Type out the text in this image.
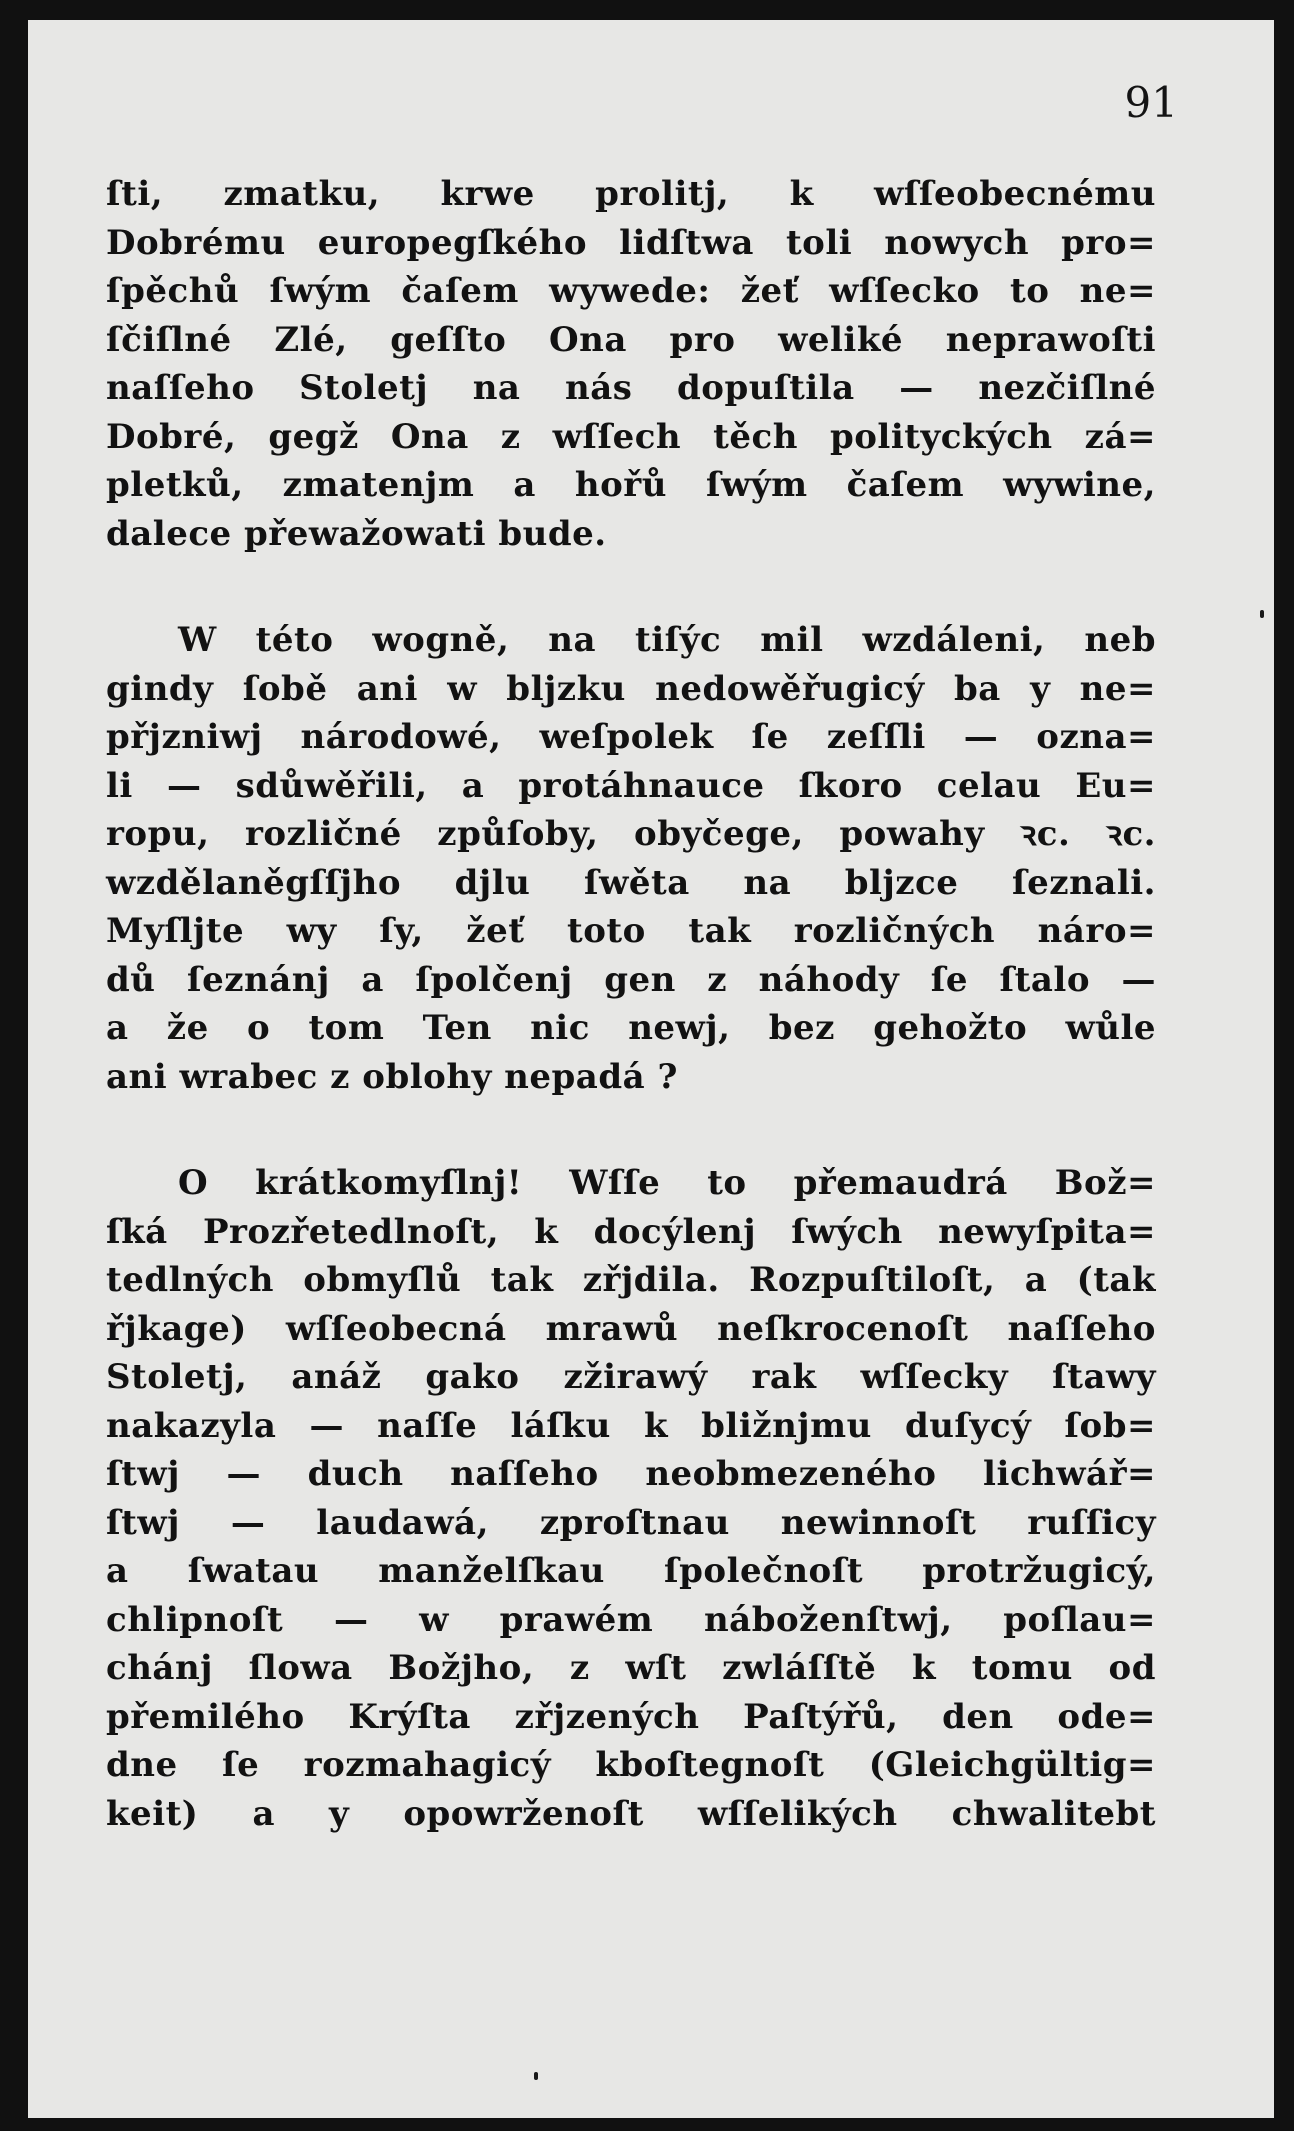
91
ſti, zmatku, krwe prolitj, k wſſeobecnému
Dobrému europegſkého lidſtwa toli nowych pro=
ſpěchů ſwým čaſem wywede: žeť wſſecko to ne=
ſčiſlné Zlé, geſſto Ona pro weliké neprawoſti
naſſeho Stoletj na nás dopuſtila — nezčiſlné
Dobré, gegž Ona z wſſech těch polityckých zá=
pletků, zmatenjm a hořů ſwým čaſem wywine,
dalece přewažowati bude.
W této wogně, na tiſýc mil wzdáleni, neb
gindy ſobě ani w bljzku nedowěřugicý ba y ne=
přjzniwj národowé, weſpolek ſe zeſſli — ozna=
li — sdůwěřili, a protáhnauce ſkoro celau Eu=
ropu, rozličné způſoby, obyčege, powahy ꝛc. ꝛc.
wzdělaněgſſjho djlu ſwěta na bljzce ſeznali.
Myſljte wy ſy, žeť toto tak rozličných náro=
dů ſeznánj a ſpolčenj gen z náhody ſe ſtalo —
a že o tom Ten nic newj, bez gehožto wůle
ani wrabec z oblohy nepadá ?
O krátkomyſlnj! Wſſe to přemaudrá Bož=
ſká Prozřetedlnoſt, k docýlenj ſwých newyſpita=
tedlných obmyſlů tak zřjdila. Rozpuſtiloſt, a (tak
řjkage) wſſeobecná mrawů neſkrocenoſt naſſeho
Stoletj, anáž gako zžirawý rak wſſecky ſtawy
nakazyla — naſſe láſku k bližnjmu duſycý ſob=
ſtwj — duch naſſeho neobmezeného lichwář=
ſtwj — laudawá, zproſtnau newinnoſt ruſſicy
a ſwatau manželſkau ſpolečnoſt protržugicý,
chlipnoſt — w prawém náboženſtwj, poſlau=
chánj ſlowa Božjho, z wſt zwláſſtě k tomu od
přemilého Krýſta zřjzených Paſtýřů, den ode=
dne ſe rozmahagicý kboſtegnoſt (Gleichgültig=
keit) a y opowrženoſt wſſelikých chwalitebt
